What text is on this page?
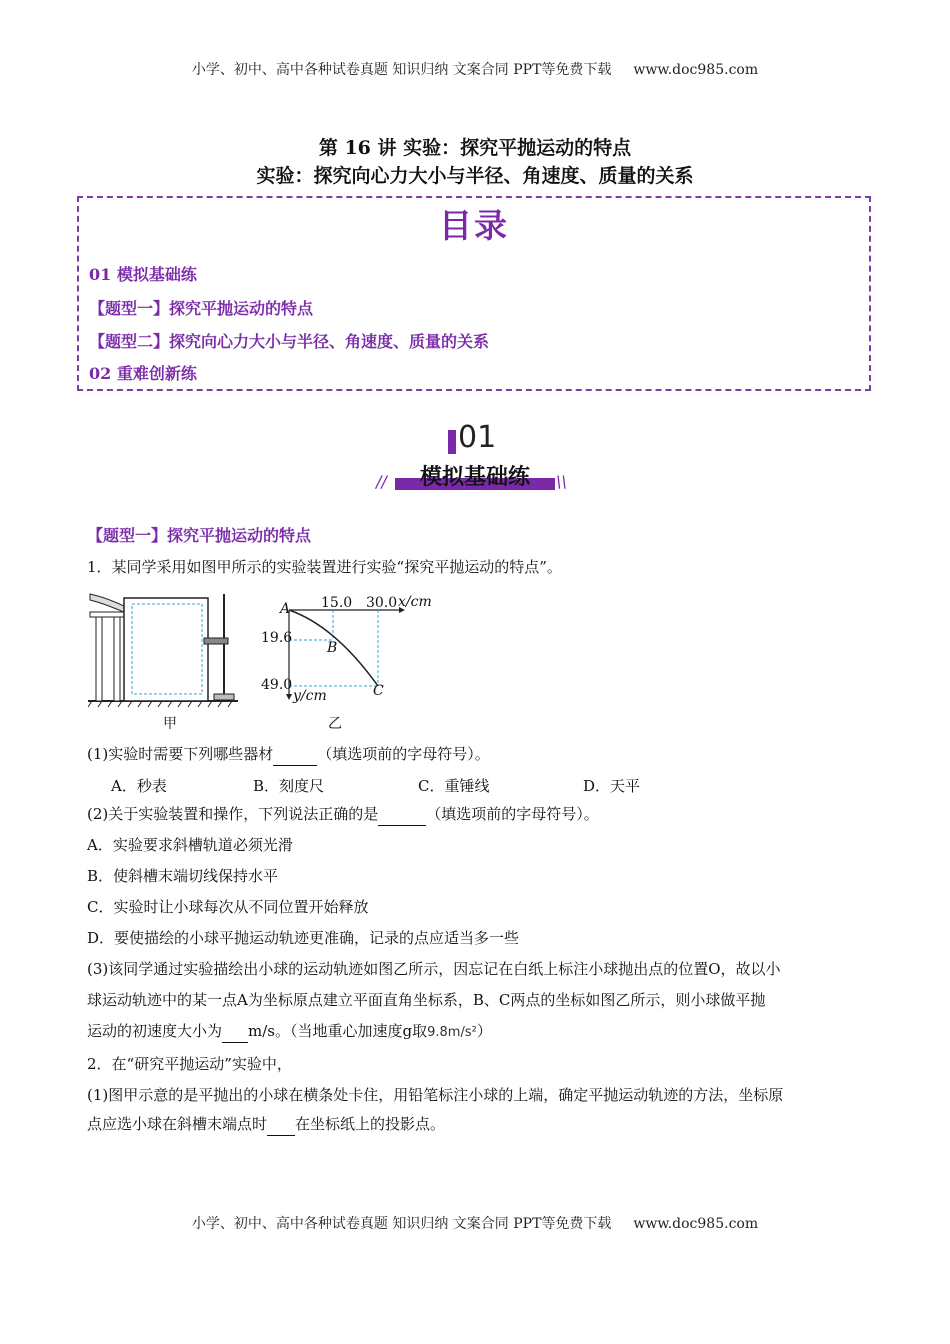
小学、初中、高中各种试卷真题 知识归纳 文案合同 PPT等免费下载 www.doc985.com
第 16 讲 实验：探究平抛运动的特点
实验：探究向心力大小与半径、角速度、质量的关系
目录
01 模拟基础练
【题型一】探究平抛运动的特点
【题型二】探究向心力大小与半径、角速度、质量的关系
02 重难创新练
01
模拟基础练
//	\\
【题型一】探究平抛运动的特点
1．某同学采用如图甲所示的实验装置进行实验“探究平抛运动的特点”。
甲
A 15.0 30.0 x/cm
19.6
B
49.0	C
y/cm
乙
(1)实验时需要下列哪些器材	（填选项前的字母符号）。
A．秒表	B．刻度尺	C．重锤线	D．天平
(2)关于实验装置和操作，下列说法正确的是	（填选项前的字母符号）。
A．实验要求斜槽轨道必须光滑
B．使斜槽末端切线保持水平
C．实验时让小球每次从不同位置开始释放
D．要使描绘的小球平抛运动轨迹更准确，记录的点应适当多一些
(3)该同学通过实验描绘出小球的运动轨迹如图乙所示，因忘记在白纸上标注小球抛出点的位置O，故以小
球运动轨迹中的某一点A为坐标原点建立平面直角坐标系，B、C两点的坐标如图乙所示，则小球做平抛
运动的初速度大小为 m/s。（当地重心加速度g取9.8m/s²）
2．在“研究平抛运动”实验中，
(1)图甲示意的是平抛出的小球在横条处卡住，用铅笔标注小球的上端，确定平抛运动轨迹的方法，坐标原
点应选小球在斜槽末端点时 在坐标纸上的投影点。
小学、初中、高中各种试卷真题 知识归纳 文案合同 PPT等免费下载 www.doc985.com
